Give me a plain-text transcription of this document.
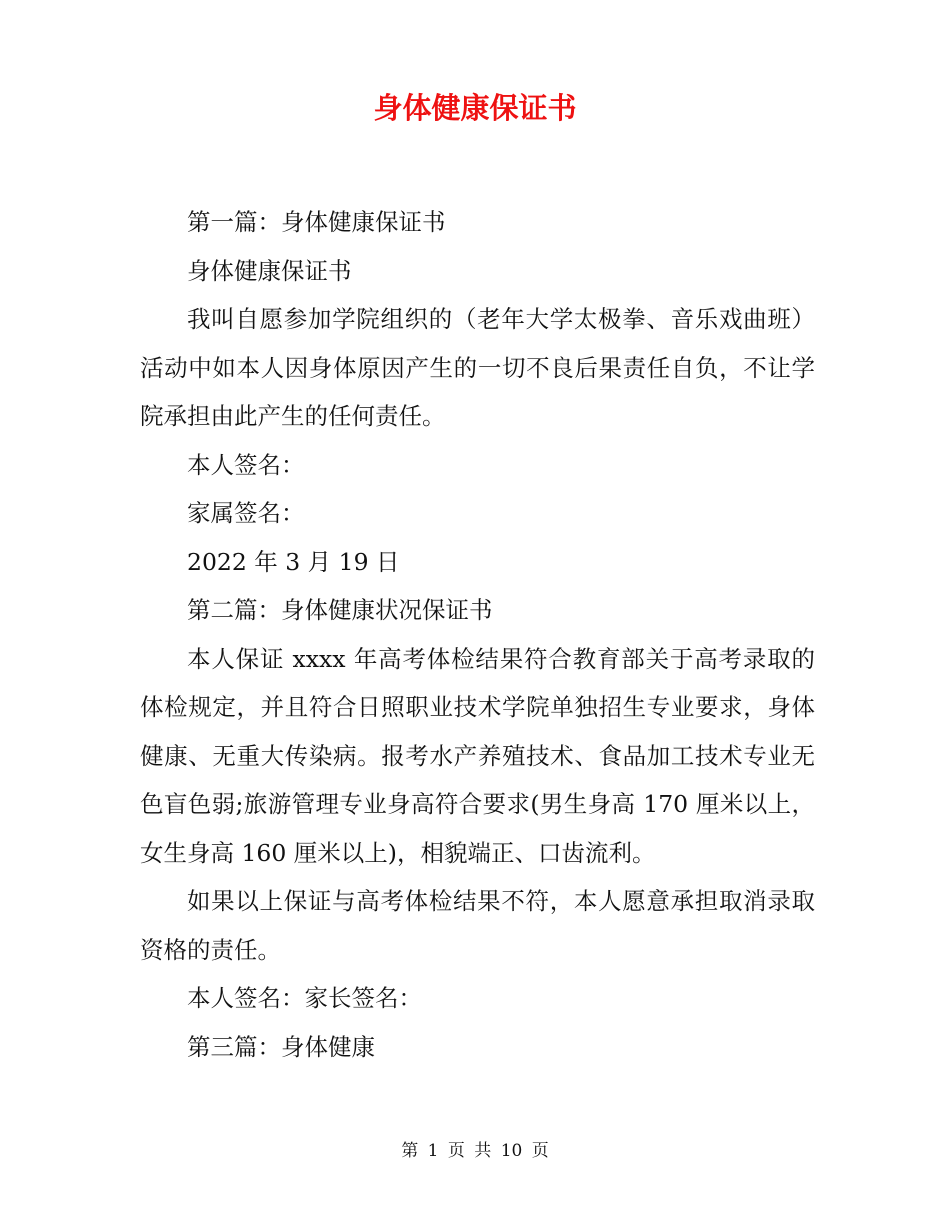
身体健康保证书

第一篇：身体健康保证书

身体健康保证书

我叫自愿参加学院组织的（老年大学太极拳、音乐戏曲班）活动中如本人因身体原因产生的一切不良后果责任自负，不让学院承担由此产生的任何责任。

本人签名：

家属签名：

2022 年 3 月 19 日

第二篇：身体健康状况保证书

本人保证 xxxx 年高考体检结果符合教育部关于高考录取的体检规定，并且符合日照职业技术学院单独招生专业要求，身体健康、无重大传染病。报考水产养殖技术、食品加工技术专业无色盲色弱;旅游管理专业身高符合要求(男生身高 170 厘米以上，女生身高 160 厘米以上)，相貌端正、口齿流利。

如果以上保证与高考体检结果不符，本人愿意承担取消录取资格的责任。

本人签名：家长签名：

第三篇：身体健康

第 1 页 共 10 页
